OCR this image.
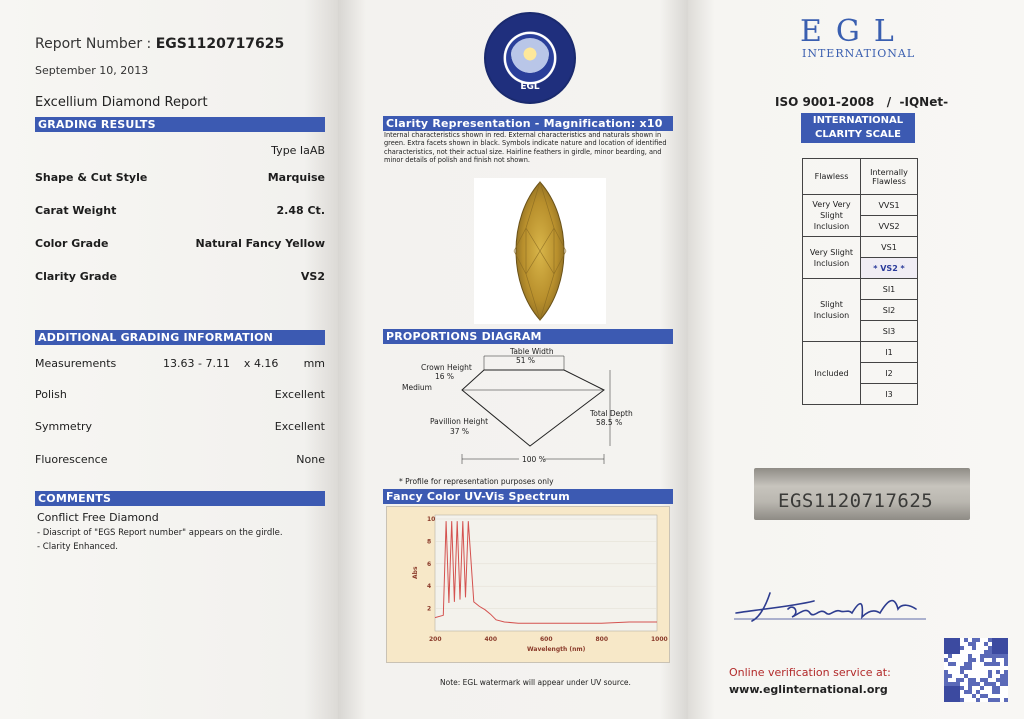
Report Number : EGS1120717625
September 10, 2013
Excellium Diamond Report
GRADING RESULTS
Type IaAB
Shape & Cut Style	Marquise
Carat Weight	2.48 Ct.
Color Grade	Natural Fancy Yellow
Clarity Grade	VS2
ADDITIONAL GRADING INFORMATION
Measurements	13.63 - 7.11    x 4.16 mm
Polish	Excellent
Symmetry	Excellent
Fluorescence	None
COMMENTS
Conflict Free Diamond
- Diascript of "EGS Report number" appears on the girdle.
- Clarity Enhanced.
EGL
Clarity Representation - Magnification: x10
Internal characteristics shown in red. External characteristics and naturals shown in green. Extra facets shown in black. Symbols indicate nature and location of identified characteristics, not their actual size. Hairline feathers in girdle, minor bearding, and minor details of polish and finish not shown.
PROPORTIONS DIAGRAM
Table Width
51 %
Crown Height
16 %
Medium
Pavillion Height
37 %
Total Depth
58.5 %
100 %
* Profile for representation purposes only
Fancy Color UV-Vis Spectrum
2
4
6
8
10
200	400	600	800	1000
Wavelength (nm)
Abs
Note: EGL watermark will appear under UV source.
EGL
INTERNATIONAL
ISO 9001-2008   /  -IQNet-
INTERNATIONAL
CLARITY SCALE
Flawless	Internally Flawless
Very Very Slight Inclusion	VVS1
	VVS2
Very Slight Inclusion	VS1
	* VS2 *
Slight Inclusion	SI1
	SI2
	SI3
Included	I1
	I2
	I3
EGS1120717625
Online verification service at:
www.eglinternational.org
